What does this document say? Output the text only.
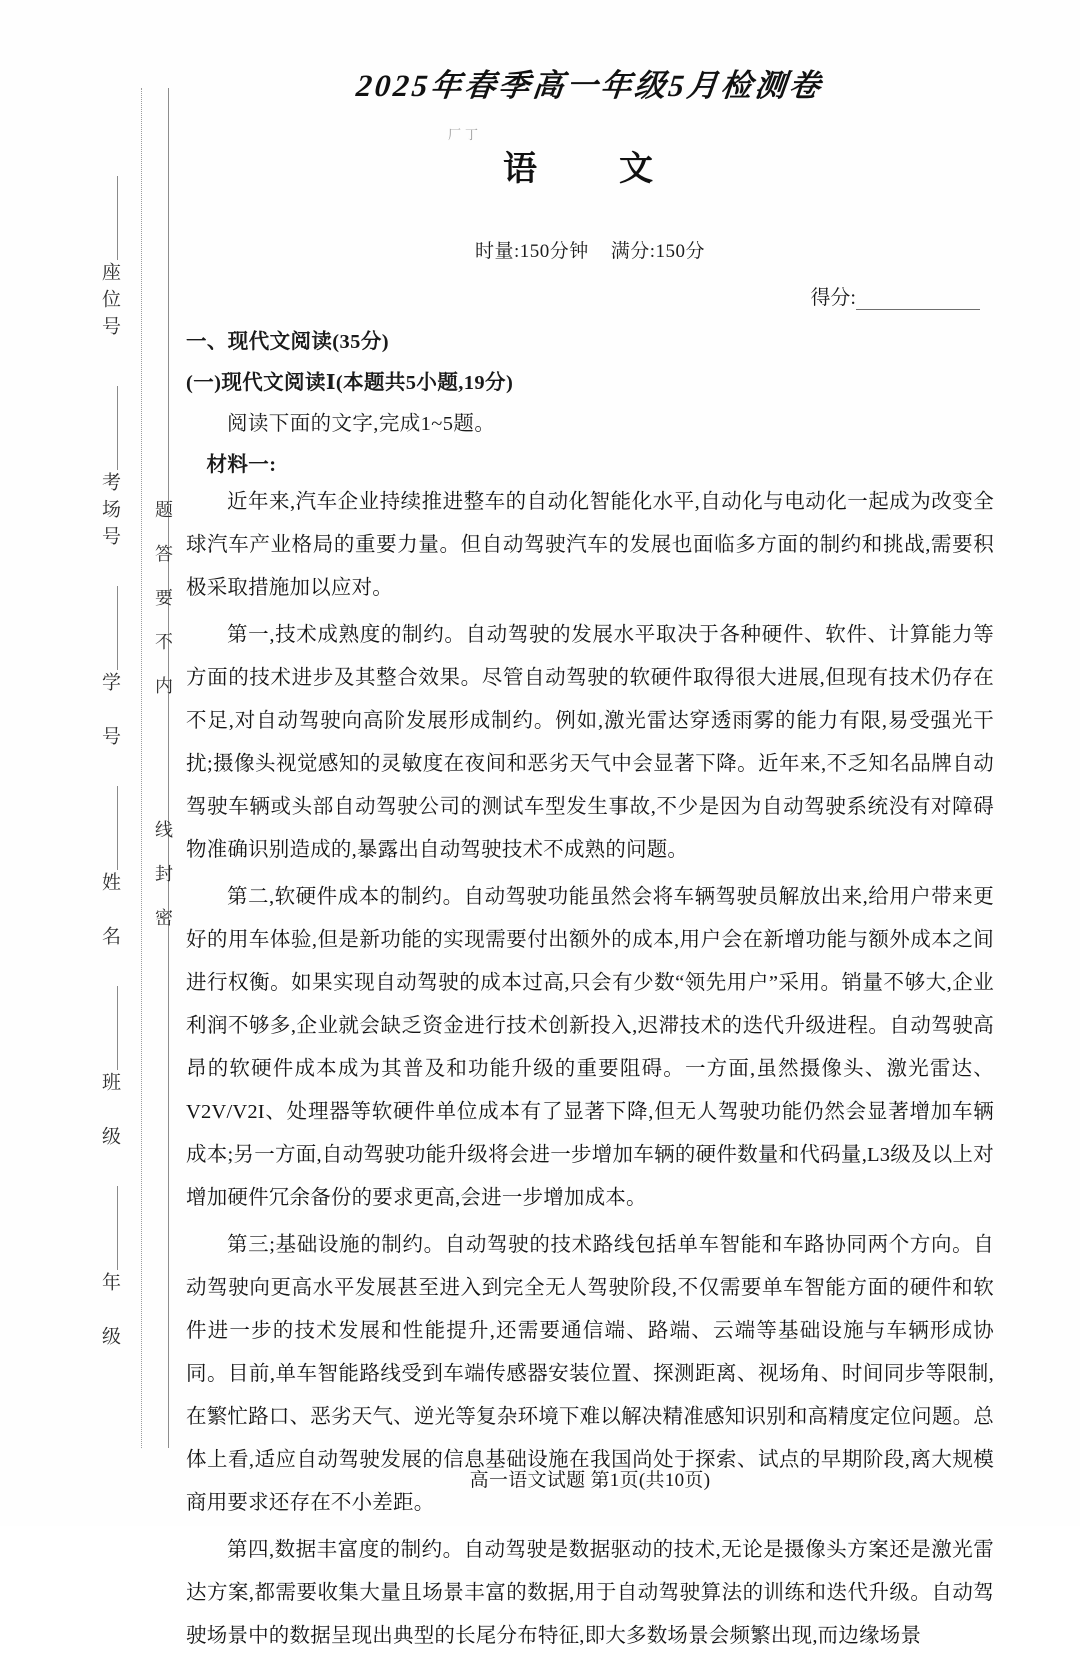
座位号
考场号
学　号
姓　名
班　级
年　级
题答要不内
线封密
厂丁
2025年春季高一年级5月检测卷
语　文
时量:150分钟 满分:150分
得分:
一、现代文阅读(35分)
(一)现代文阅读Ⅰ(本题共5小题,19分)
阅读下面的文字,完成1~5题。
材料一:

近年来,汽车企业持续推进整车的自动化智能化水平,自动化与电动化一起成为改变全球汽车产业格局的重要力量。但自动驾驶汽车的发展也面临多方面的制约和挑战,需要积极采取措施加以应对。

第一,技术成熟度的制约。自动驾驶的发展水平取决于各种硬件、软件、计算能力等方面的技术进步及其整合效果。尽管自动驾驶的软硬件取得很大进展,但现有技术仍存在不足,对自动驾驶向高阶发展形成制约。例如,激光雷达穿透雨雾的能力有限,易受强光干扰;摄像头视觉感知的灵敏度在夜间和恶劣天气中会显著下降。近年来,不乏知名品牌自动驾驶车辆或头部自动驾驶公司的测试车型发生事故,不少是因为自动驾驶系统没有对障碍物准确识别造成的,暴露出自动驾驶技术不成熟的问题。

第二,软硬件成本的制约。自动驾驶功能虽然会将车辆驾驶员解放出来,给用户带来更好的用车体验,但是新功能的实现需要付出额外的成本,用户会在新增功能与额外成本之间进行权衡。如果实现自动驾驶的成本过高,只会有少数“领先用户”采用。销量不够大,企业利润不够多,企业就会缺乏资金进行技术创新投入,迟滞技术的迭代升级进程。自动驾驶高昂的软硬件成本成为其普及和功能升级的重要阻碍。一方面,虽然摄像头、激光雷达、V2V/V2I、处理器等软硬件单位成本有了显著下降,但无人驾驶功能仍然会显著增加车辆成本;另一方面,自动驾驶功能升级将会进一步增加车辆的硬件数量和代码量,L3级及以上对增加硬件冗余备份的要求更高,会进一步增加成本。

第三;基础设施的制约。自动驾驶的技术路线包括单车智能和车路协同两个方向。自动驾驶向更高水平发展甚至进入到完全无人驾驶阶段,不仅需要单车智能方面的硬件和软件进一步的技术发展和性能提升,还需要通信端、路端、云端等基础设施与车辆形成协同。目前,单车智能路线受到车端传感器安装位置、探测距离、视场角、时间同步等限制,在繁忙路口、恶劣天气、逆光等复杂环境下难以解决精准感知识别和高精度定位问题。总体上看,适应自动驾驶发展的信息基础设施在我国尚处于探索、试点的早期阶段,离大规模商用要求还存在不小差距。

第四,数据丰富度的制约。自动驾驶是数据驱动的技术,无论是摄像头方案还是激光雷达方案,都需要收集大量且场景丰富的数据,用于自动驾驶算法的训练和迭代升级。自动驾驶场景中的数据呈现出典型的长尾分布特征,即大多数场景会频繁出现,而边缘场景

高一语文试题 第1页(共10页)
